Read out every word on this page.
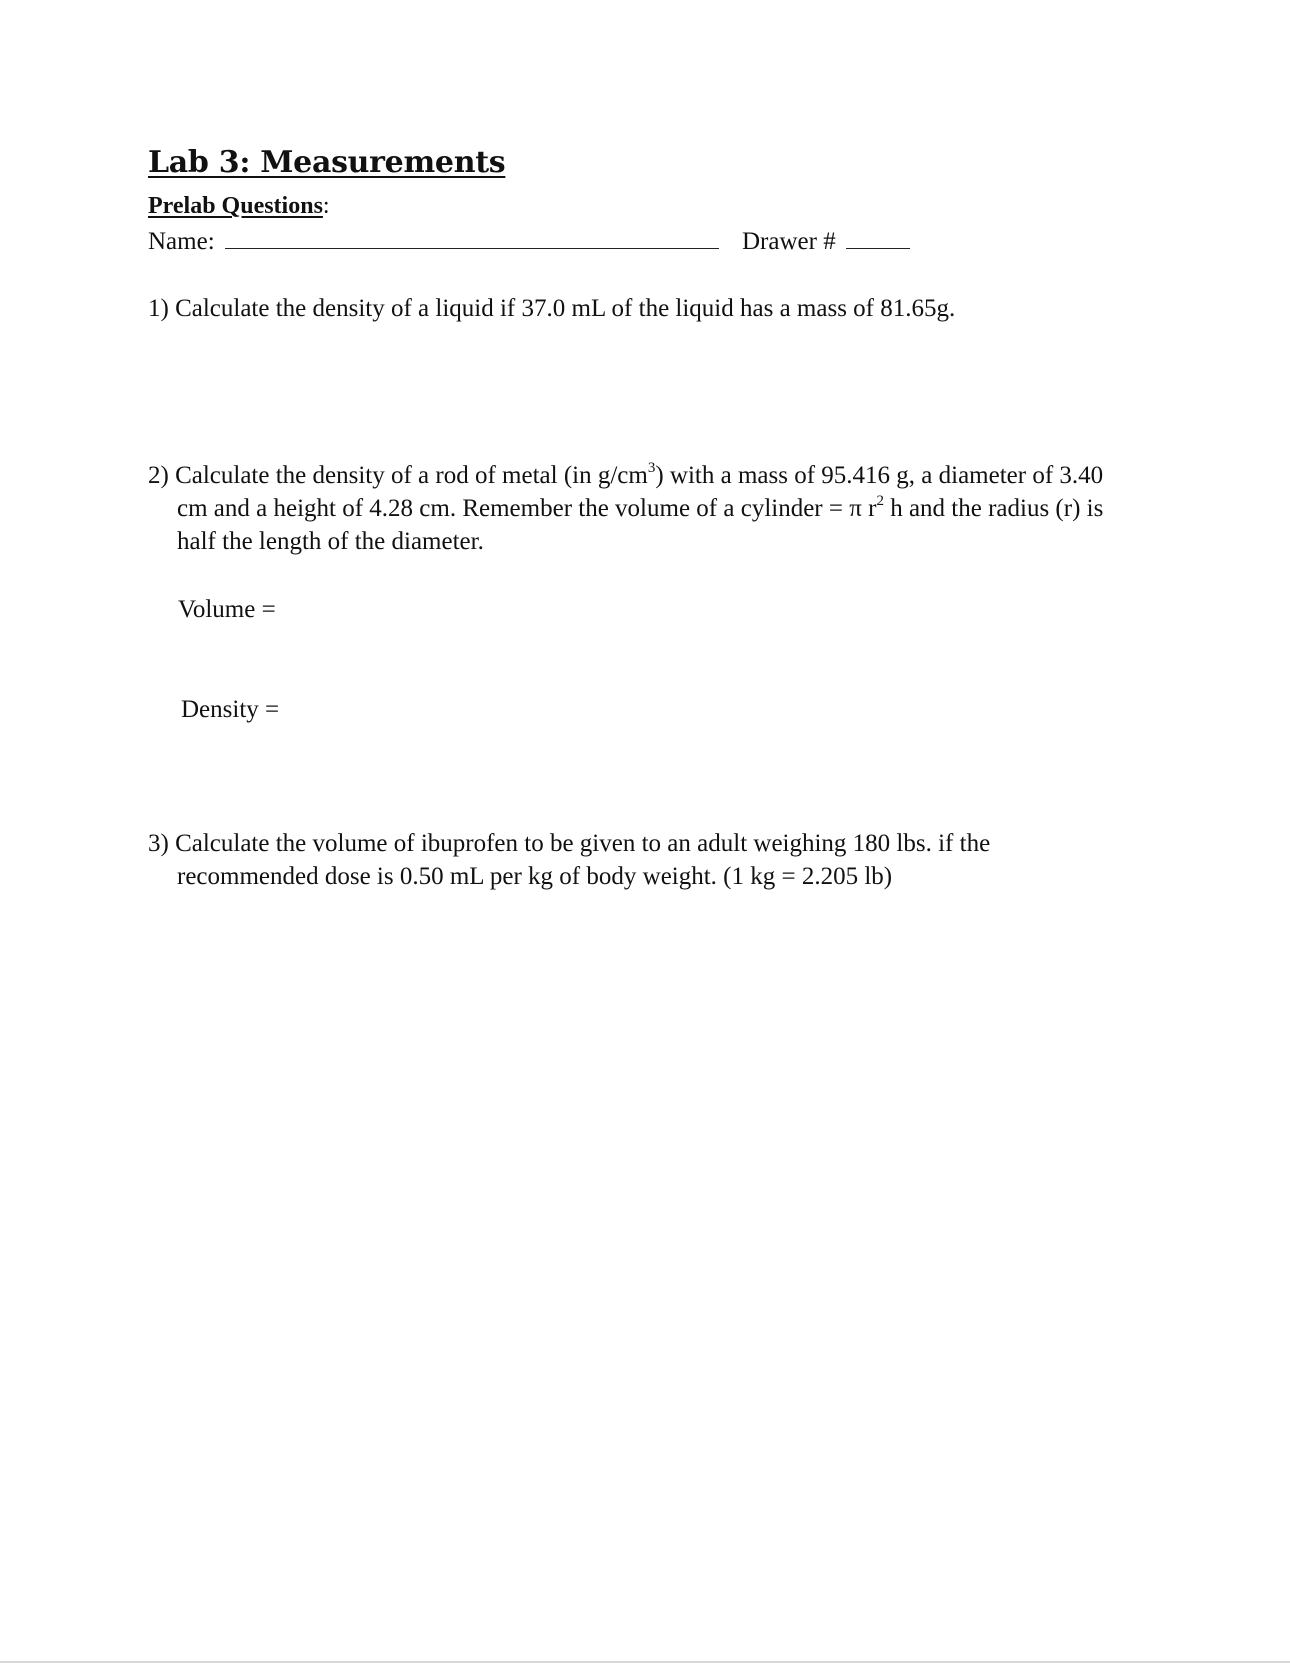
Lab 3: Measurements
Prelab Questions:
Name:	Drawer #
1) Calculate the density of a liquid if 37.0 mL of the liquid has a mass of 81.65g.
2) Calculate the density of a rod of metal (in $g/cm^3$) with a mass of 95.416 g, a diameter of 3.40
cm and a height of 4.28 cm. Remember the volume of a cylinder = π $r^2$ h and the radius (r) is
half the length of the diameter.
Volume =
Density =
3) Calculate the volume of ibuprofen to be given to an adult weighing 180 lbs. if the
recommended dose is 0.50 mL per kg of body weight. (1 kg = 2.205 lb)
